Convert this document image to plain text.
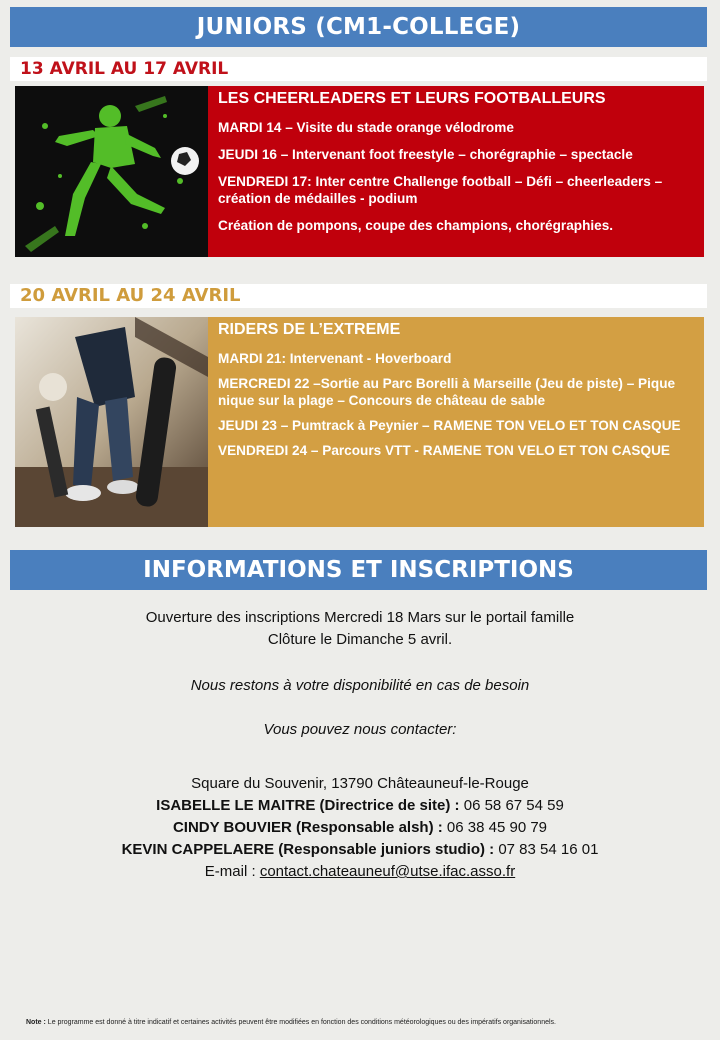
JUNIORS (CM1-COLLEGE)
13 AVRIL AU 17 AVRIL
LES CHEERLEADERS ET LEURS FOOTBALLEURS
MARDI 14 – Visite du stade orange vélodrome
JEUDI 16 – Intervenant foot freestyle – chorégraphie – spectacle
VENDREDI 17: Inter centre Challenge football – Défi – cheerleaders – création de médailles - podium
Création de pompons, coupe des champions, chorégraphies.
20 AVRIL AU 24 AVRIL
RIDERS DE L’EXTREME
MARDI 21: Intervenant - Hoverboard
MERCREDI 22 –Sortie au Parc Borelli à Marseille (Jeu de piste) – Pique nique sur la plage – Concours de château de sable
JEUDI 23 – Pumtrack à Peynier – RAMENE TON VELO ET TON CASQUE
VENDREDI 24 – Parcours VTT - RAMENE TON VELO ET TON CASQUE
INFORMATIONS ET INSCRIPTIONS

Ouverture des inscriptions Mercredi 18 Mars sur le portail famille

Clôture le Dimanche 5 avril.

Nous restons à votre disponibilité en cas de besoin

Vous pouvez nous contacter:

Square du Souvenir, 13790 Châteauneuf-le-Rouge

ISABELLE LE MAITRE (Directrice de site) : 06 58 67 54 59

CINDY BOUVIER (Responsable alsh) : 06 38 45 90 79

KEVIN CAPPELAERE (Responsable juniors studio) : 07 83 54 16 01

E-mail : contact.chateauneuf@utse.ifac.asso.fr

Note : Le programme est donné à titre indicatif et certaines activités peuvent être modifiées en fonction des conditions météorologiques ou des impératifs organisationnels.
